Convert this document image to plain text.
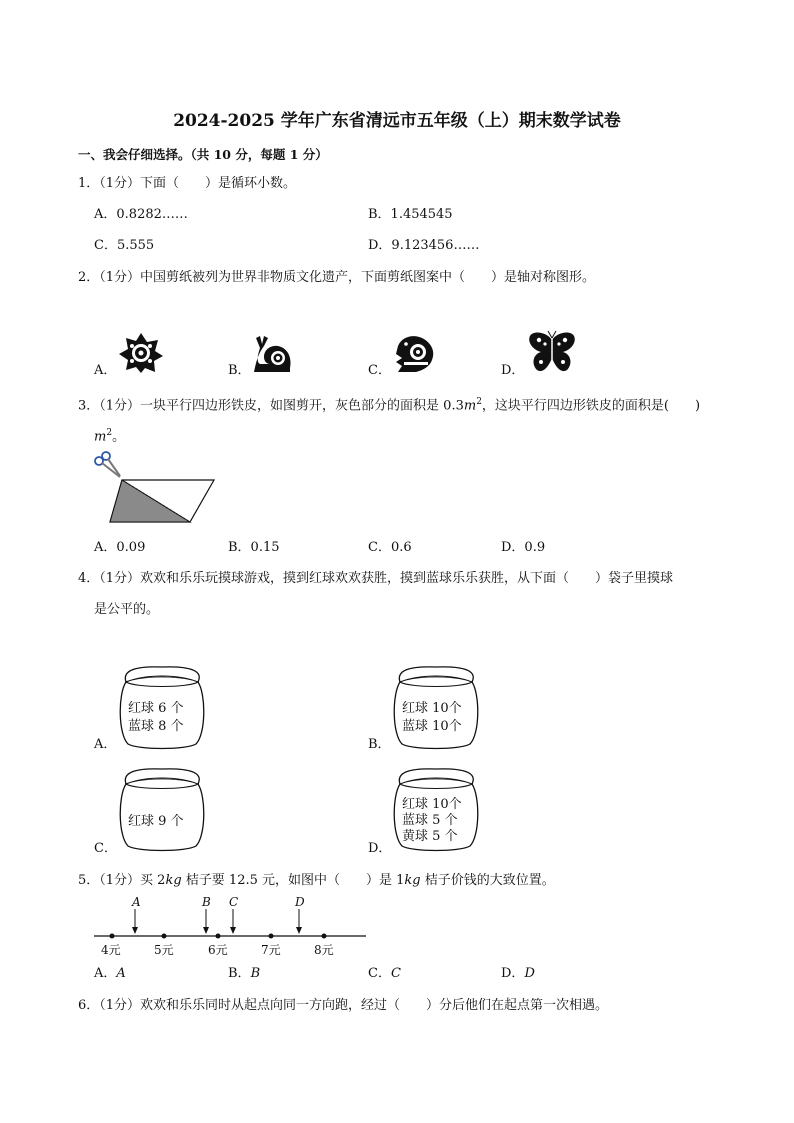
2024-2025 学年广东省清远市五年级（上）期末数学试卷
一、我会仔细选择。（共 10 分，每题 1 分）
1．（1分）下面（　　）是循环小数。
A．0.8282……	B．1.454545
C．5.555	D．9.123456……
2．（1分）中国剪纸被列为世界非物质文化遗产，下面剪纸图案中（　　）是轴对称图形。
A．	B．	C．	D．
3．（1分）一块平行四边形铁皮，如图剪开，灰色部分的面积是 $0.3m^2$，这块平行四边形铁皮的面积是(　　)
$m^2$。
A．0.09	B．0.15	C．0.6	D．0.9
4．（1分）欢欢和乐乐玩摸球游戏，摸到红球欢欢获胜，摸到蓝球乐乐获胜，从下面（　　）袋子里摸球
是公平的。
红球 6 个
蓝球 8 个
A．
红球 10个
蓝球 10个
B．
红球 9 个
C．
红球 10个
蓝球 5 个
黄球 5 个
D．
5．（1分）买 2kg 桔子要 12.5 元，如图中（　　）是 1kg 桔子价钱的大致位置。
A	B C	D
4元	5元	6元	7元	8元
A．A	B．B	C．C	D．D
6．（1分）欢欢和乐乐同时从起点向同一方向跑，经过（　　）分后他们在起点第一次相遇。
